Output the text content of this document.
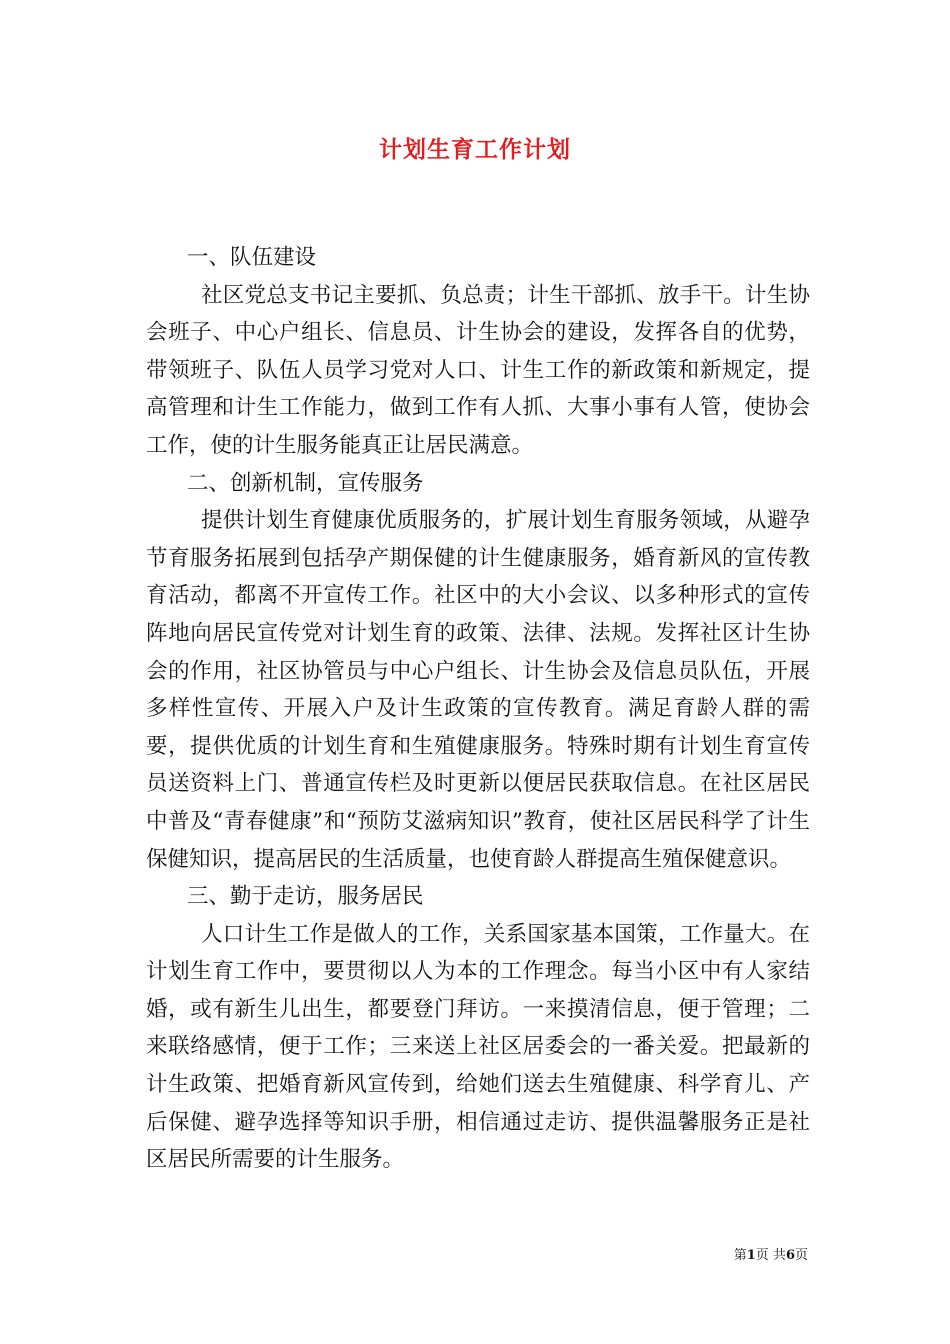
计划生育工作计划

一、队伍建设

社区党总支书记主要抓、负总责；计生干部抓、放手干。计生协会班子、中心户组长、信息员、计生协会的建设，发挥各自的优势，带领班子、队伍人员学习党对人口、计生工作的新政策和新规定，提高管理和计生工作能力，做到工作有人抓、大事小事有人管，使协会工作，使的计生服务能真正让居民满意。

二、创新机制，宣传服务

提供计划生育健康优质服务的，扩展计划生育服务领域，从避孕节育服务拓展到包括孕产期保健的计生健康服务，婚育新风的宣传教育活动，都离不开宣传工作。社区中的大小会议、以多种形式的宣传阵地向居民宣传党对计划生育的政策、法律、法规。发挥社区计生协会的作用，社区协管员与中心户组长、计生协会及信息员队伍，开展多样性宣传、开展入户及计生政策的宣传教育。满足育龄人群的需要，提供优质的计划生育和生殖健康服务。特殊时期有计划生育宣传员送资料上门、普通宣传栏及时更新以便居民获取信息。在社区居民中普及“青春健康”和“预防艾滋病知识”教育，使社区居民科学了计生保健知识，提高居民的生活质量，也使育龄人群提高生殖保健意识。

三、勤于走访，服务居民

人口计生工作是做人的工作，关系国家基本国策，工作量大。在计划生育工作中，要贯彻以人为本的工作理念。每当小区中有人家结婚，或有新生儿出生，都要登门拜访。一来摸清信息，便于管理；二来联络感情，便于工作；三来送上社区居委会的一番关爱。把最新的计生政策、把婚育新风宣传到，给她们送去生殖健康、科学育儿、产后保健、避孕选择等知识手册，相信通过走访、提供温馨服务正是社区居民所需要的计生服务。

第1页 共6页
